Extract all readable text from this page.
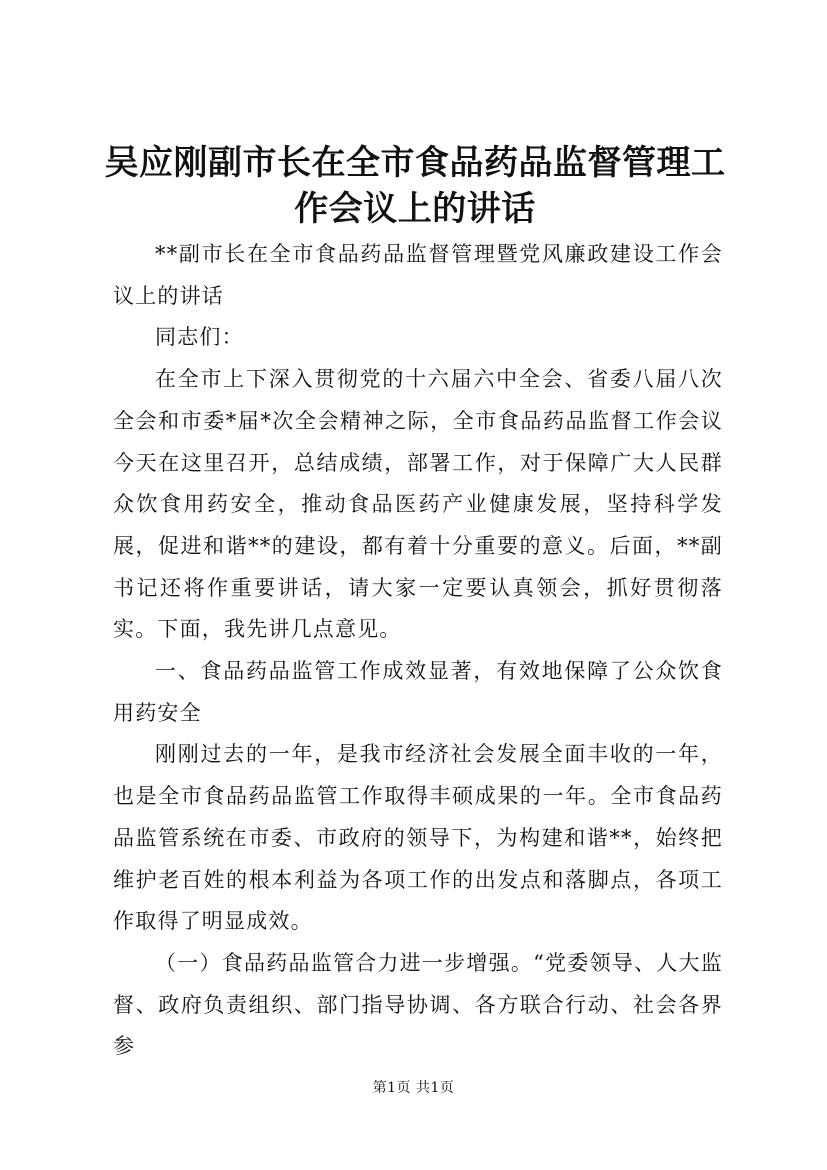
吴应刚副市长在全市食品药品监督管理工作会议上的讲话

**副市长在全市食品药品监督管理暨党风廉政建设工作会议上的讲话

同志们：

在全市上下深入贯彻党的十六届六中全会、省委八届八次全会和市委*届*次全会精神之际，全市食品药品监督工作会议今天在这里召开，总结成绩，部署工作，对于保障广大人民群众饮食用药安全，推动食品医药产业健康发展，坚持科学发展，促进和谐**的建设，都有着十分重要的意义。后面，**副书记还将作重要讲话，请大家一定要认真领会，抓好贯彻落实。下面，我先讲几点意见。

一、食品药品监管工作成效显著，有效地保障了公众饮食用药安全

刚刚过去的一年，是我市经济社会发展全面丰收的一年，也是全市食品药品监管工作取得丰硕成果的一年。全市食品药品监管系统在市委、市政府的领导下，为构建和谐**，始终把维护老百姓的根本利益为各项工作的出发点和落脚点，各项工作取得了明显成效。

（一）食品药品监管合力进一步增强。“党委领导、人大监督、政府负责组织、部门指导协调、各方联合行动、社会各界参

第1页 共1页
